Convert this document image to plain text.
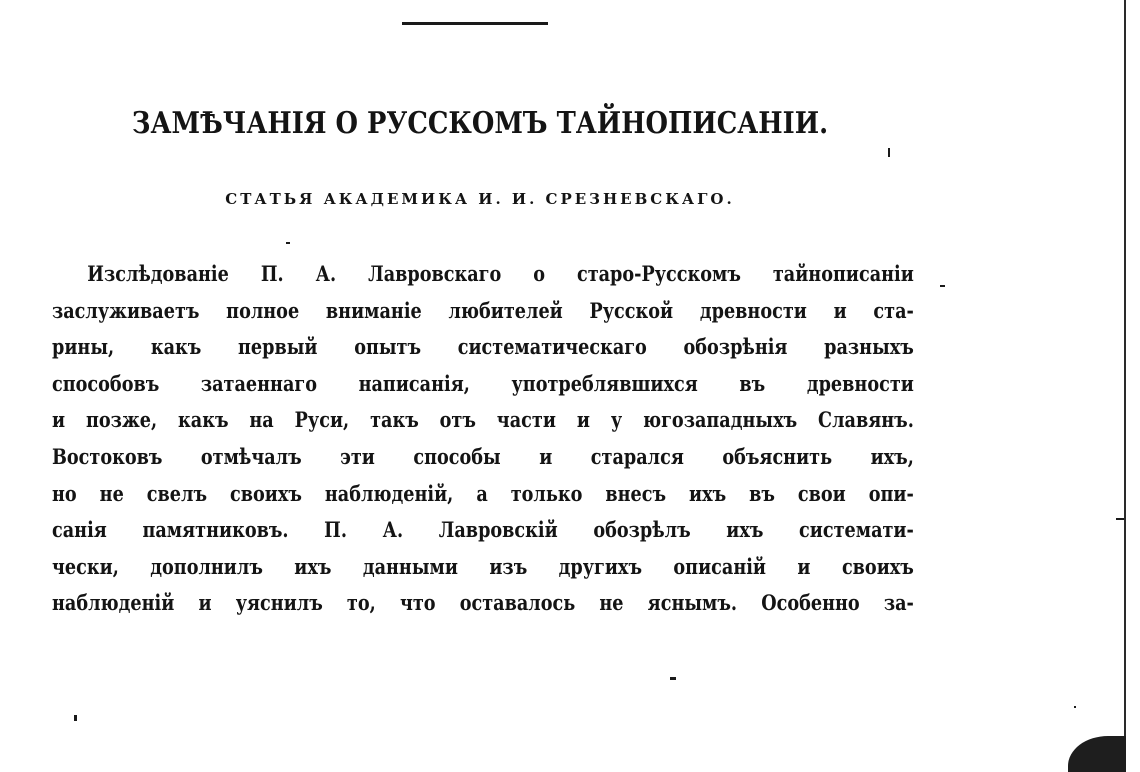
ЗАМѢЧАНІЯ О РУССКОМЪ ТАЙНОПИСАНІИ.
СТАТЬЯ АКАДЕМИКА И. И. СРЕЗНЕВСКАГО.
Изслѣдованіе П. А. Лавровскаго о старо-Русскомъ тайнописаніи
заслуживаетъ полное вниманіе любителей Русской древности и ста-
рины, какъ первый опытъ систематическаго обозрѣнія разныхъ
способовъ затаеннаго написанія, употреблявшихся въ древности
и позже, какъ на Руси, такъ отъ части и у югозападныхъ Славянъ.
Востоковъ отмѣчалъ эти способы и старался объяснить ихъ,
но не свелъ своихъ наблюденій, а только внесъ ихъ въ свои опи-
санія памятниковъ. П. А. Лавровскій обозрѣлъ ихъ системати-
чески, дополнилъ ихъ данными изъ другихъ описаній и своихъ
наблюденій и уяснилъ то, что оставалось не яснымъ. Особенно за-
